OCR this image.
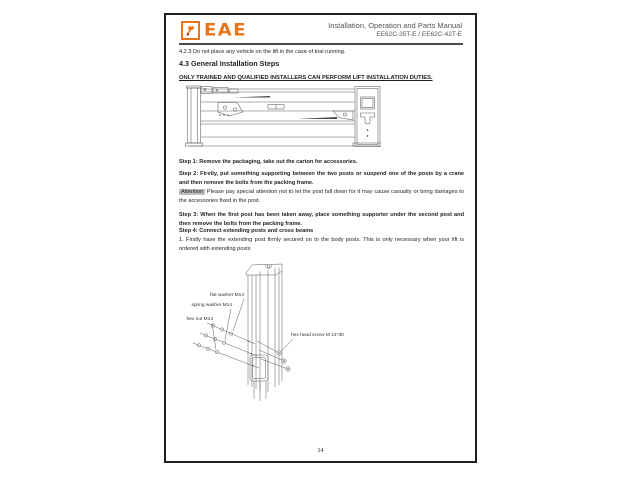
EAE	Installation, Operation and Parts Manual
EE62C-35T-E / EE62C-42T-E

4.2.3 Do not place any vehicle on the lift in the case of trial running.

4.3 General Installation Steps

ONLY TRAINED AND QUALIFIED INSTALLERS CAN PERFORM LIFT INSTALLATION DUTIES.

Step 1: Remove the packaging, take out the carton for accessories.

Step 2: Firstly, put something supporting between the two posts or suspend one of the posts by a crane and then remove the bolts from the packing frame.

Attention Please pay special attention not to let the post fall down for it may cause casualty or bring damages to the accessories fixed in the post.

Step 3: When the first post has been taken away, place something supporter under the second post and then remove the bolts from the packing frame.

Step 4: Connect extending posts and cross beams

1. Firstly have the extending post firmly secured on to the body posts. This is only necessary when your lift is ordered with extending posts

flat washer M14
spring washer M14
hex nut M14
hex head screw M 14*30
14
